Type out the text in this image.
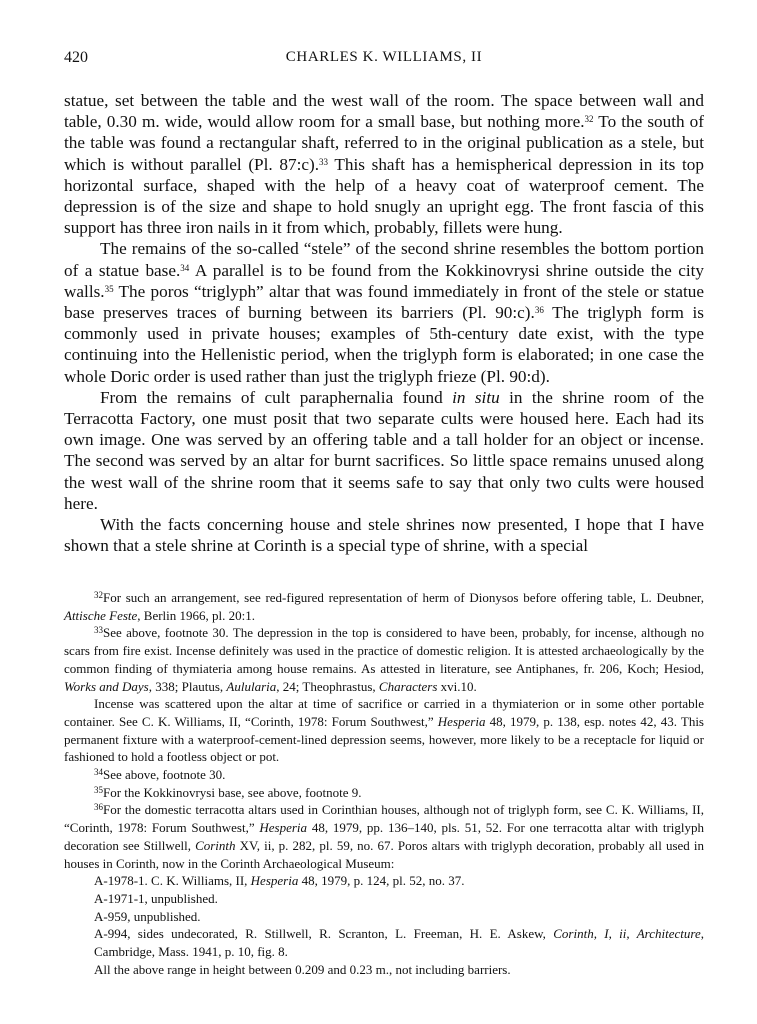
420	CHARLES K. WILLIAMS, II

statue, set between the table and the west wall of the room. The space between wall and table, 0.30 m. wide, would allow room for a small base, but nothing more.$^{32}$ To the south of the table was found a rectangular shaft, referred to in the original publication as a stele, but which is without parallel (Pl. 87:c).$^{33}$ This shaft has a hemispherical depression in its top horizontal surface, shaped with the help of a heavy coat of waterproof cement. The depression is of the size and shape to hold snugly an upright egg. The front fascia of this support has three iron nails in it from which, probably, fillets were hung.

The remains of the so-called “stele” of the second shrine resembles the bottom portion of a statue base.$^{34}$ A parallel is to be found from the Kokkinovrysi shrine outside the city walls.$^{35}$ The poros “triglyph” altar that was found immediately in front of the stele or statue base preserves traces of burning between its barriers (Pl. 90:c).$^{36}$ The triglyph form is commonly used in private houses; examples of 5th-century date exist, with the type continuing into the Hellenistic period, when the triglyph form is elaborated; in one case the whole Doric order is used rather than just the triglyph frieze (Pl. 90:d).

From the remains of cult paraphernalia found in situ in the shrine room of the Terracotta Factory, one must posit that two separate cults were housed here. Each had its own image. One was served by an offering table and a tall holder for an object or incense. The second was served by an altar for burnt sacrifices. So little space remains unused along the west wall of the shrine room that it seems safe to say that only two cults were housed here.

With the facts concerning house and stele shrines now presented, I hope that I have shown that a stele shrine at Corinth is a special type of shrine, with a special

$^{32}$For such an arrangement, see red-figured representation of herm of Dionysos before offering table, L. Deubner, Attische Feste, Berlin 1966, pl. 20:1.

$^{33}$See above, footnote 30. The depression in the top is considered to have been, probably, for incense, although no scars from fire exist. Incense definitely was used in the practice of domestic religion. It is attested archaeologically by the common finding of thymiateria among house remains. As attested in literature, see Antiphanes, fr. 206, Koch; Hesiod, Works and Days, 338; Plautus, Aulularia, 24; Theophrastus, Characters xvi.10.

Incense was scattered upon the altar at time of sacrifice or carried in a thymiaterion or in some other portable container. See C. K. Williams, II, “Corinth, 1978: Forum Southwest,” Hesperia 48, 1979, p. 138, esp. notes 42, 43. This permanent fixture with a waterproof-cement-lined depression seems, however, more likely to be a receptacle for liquid or fashioned to hold a footless object or pot.

$^{34}$See above, footnote 30.

$^{35}$For the Kokkinovrysi base, see above, footnote 9.

$^{36}$For the domestic terracotta altars used in Corinthian houses, although not of triglyph form, see C. K. Williams, II, “Corinth, 1978: Forum Southwest,” Hesperia 48, 1979, pp. 136–140, pls. 51, 52. For one terracotta altar with triglyph decoration see Stillwell, Corinth XV, ii, p. 282, pl. 59, no. 67. Poros altars with triglyph decoration, probably all used in houses in Corinth, now in the Corinth Archaeological Museum:

A-1978-1. C. K. Williams, II, Hesperia 48, 1979, p. 124, pl. 52, no. 37.

A-1971-1, unpublished.

A-959, unpublished.

A-994, sides undecorated, R. Stillwell, R. Scranton, L. Freeman, H. E. Askew, Corinth, I, ii, Architecture, Cambridge, Mass. 1941, p. 10, fig. 8.

All the above range in height between 0.209 and 0.23 m., not including barriers.
